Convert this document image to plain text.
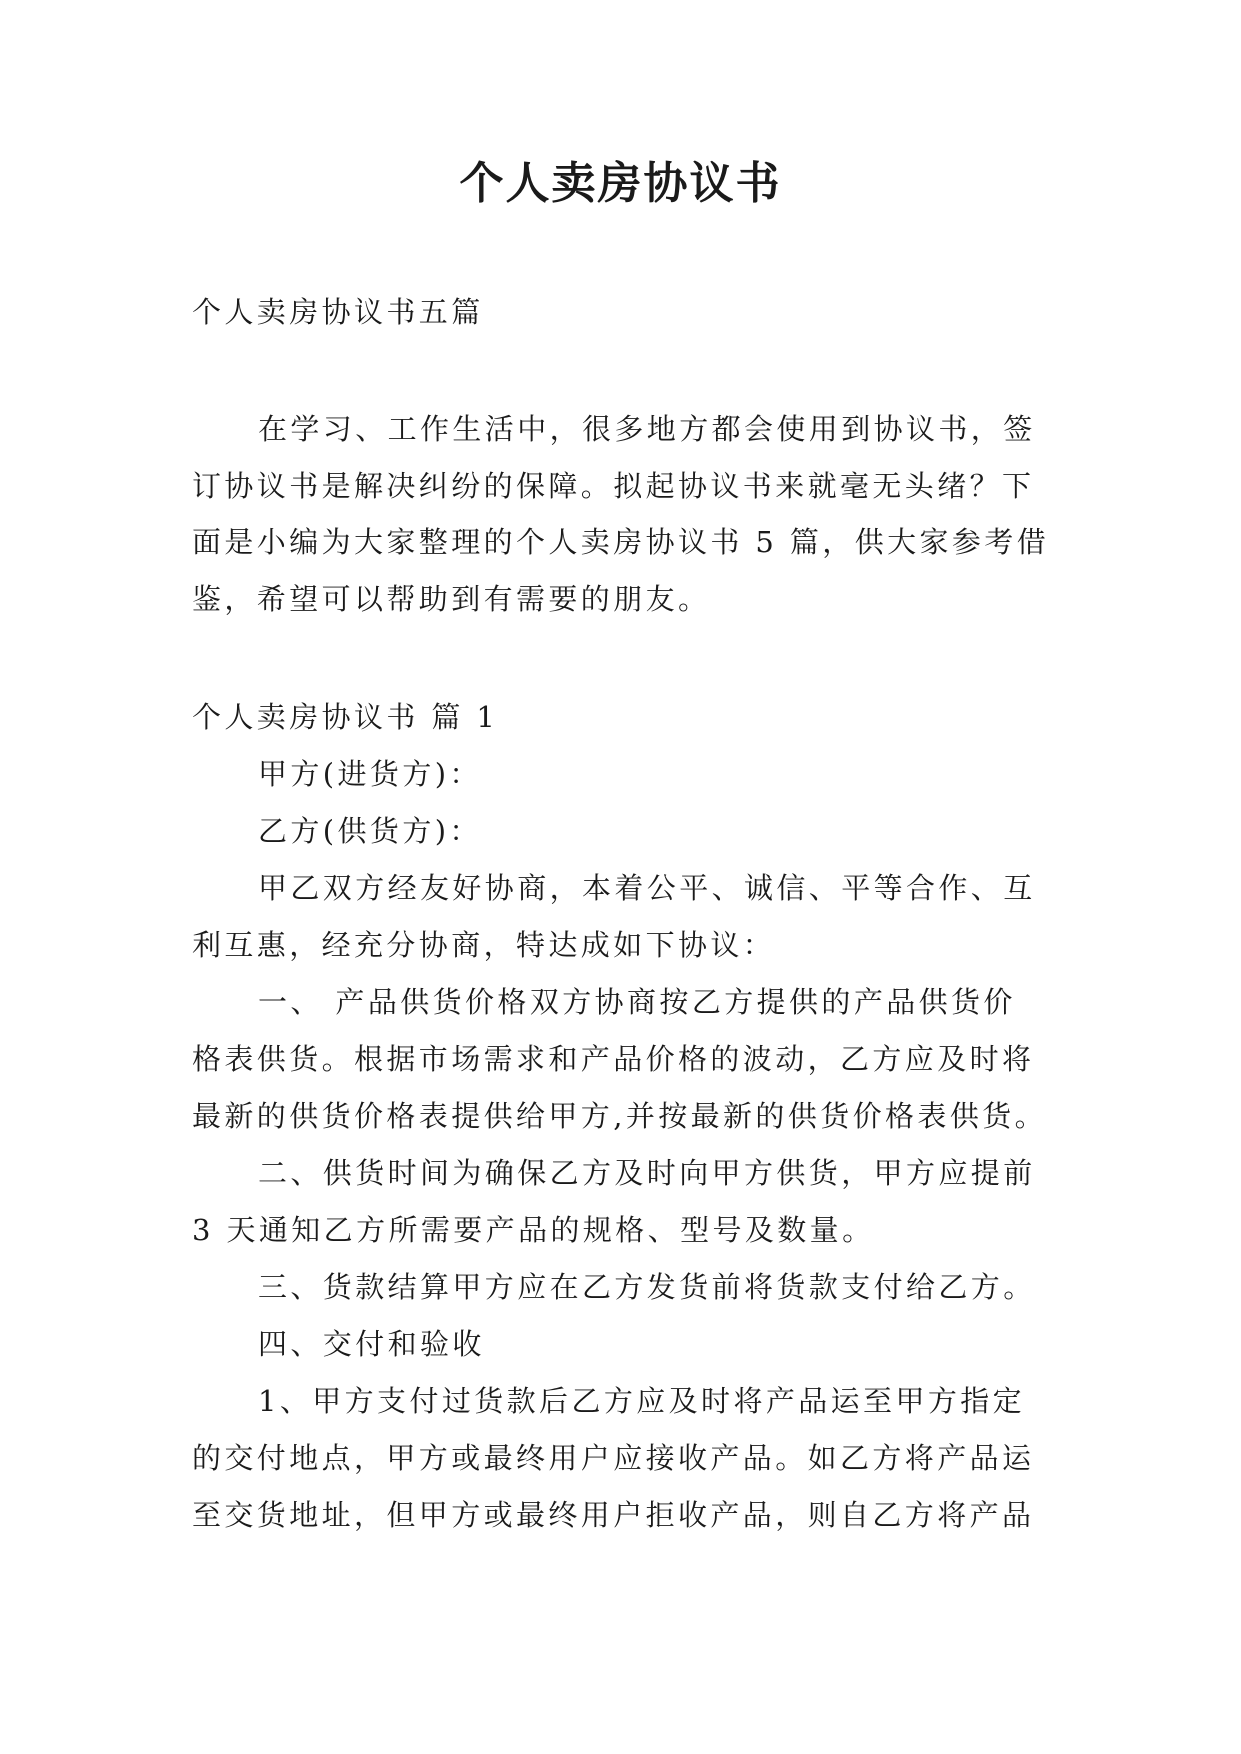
个人卖房协议书

个人卖房协议书五篇

在学习、工作生活中，很多地方都会使用到协议书，签

订协议书是解决纠纷的保障。拟起协议书来就毫无头绪？下

面是小编为大家整理的个人卖房协议书 5 篇，供大家参考借

鉴，希望可以帮助到有需要的朋友。

个人卖房协议书 篇 1

甲方(进货方)：

乙方(供货方)：

甲乙双方经友好协商，本着公平、诚信、平等合作、互

利互惠，经充分协商，特达成如下协议：

一、 产品供货价格双方协商按乙方提供的产品供货价

格表供货。根据市场需求和产品价格的波动，乙方应及时将

最新的供货价格表提供给甲方,并按最新的供货价格表供货。

二、供货时间为确保乙方及时向甲方供货，甲方应提前

3 天通知乙方所需要产品的规格、型号及数量。

三、货款结算甲方应在乙方发货前将货款支付给乙方。

四、交付和验收

1、甲方支付过货款后乙方应及时将产品运至甲方指定

的交付地点，甲方或最终用户应接收产品。如乙方将产品运

至交货地址，但甲方或最终用户拒收产品，则自乙方将产品
